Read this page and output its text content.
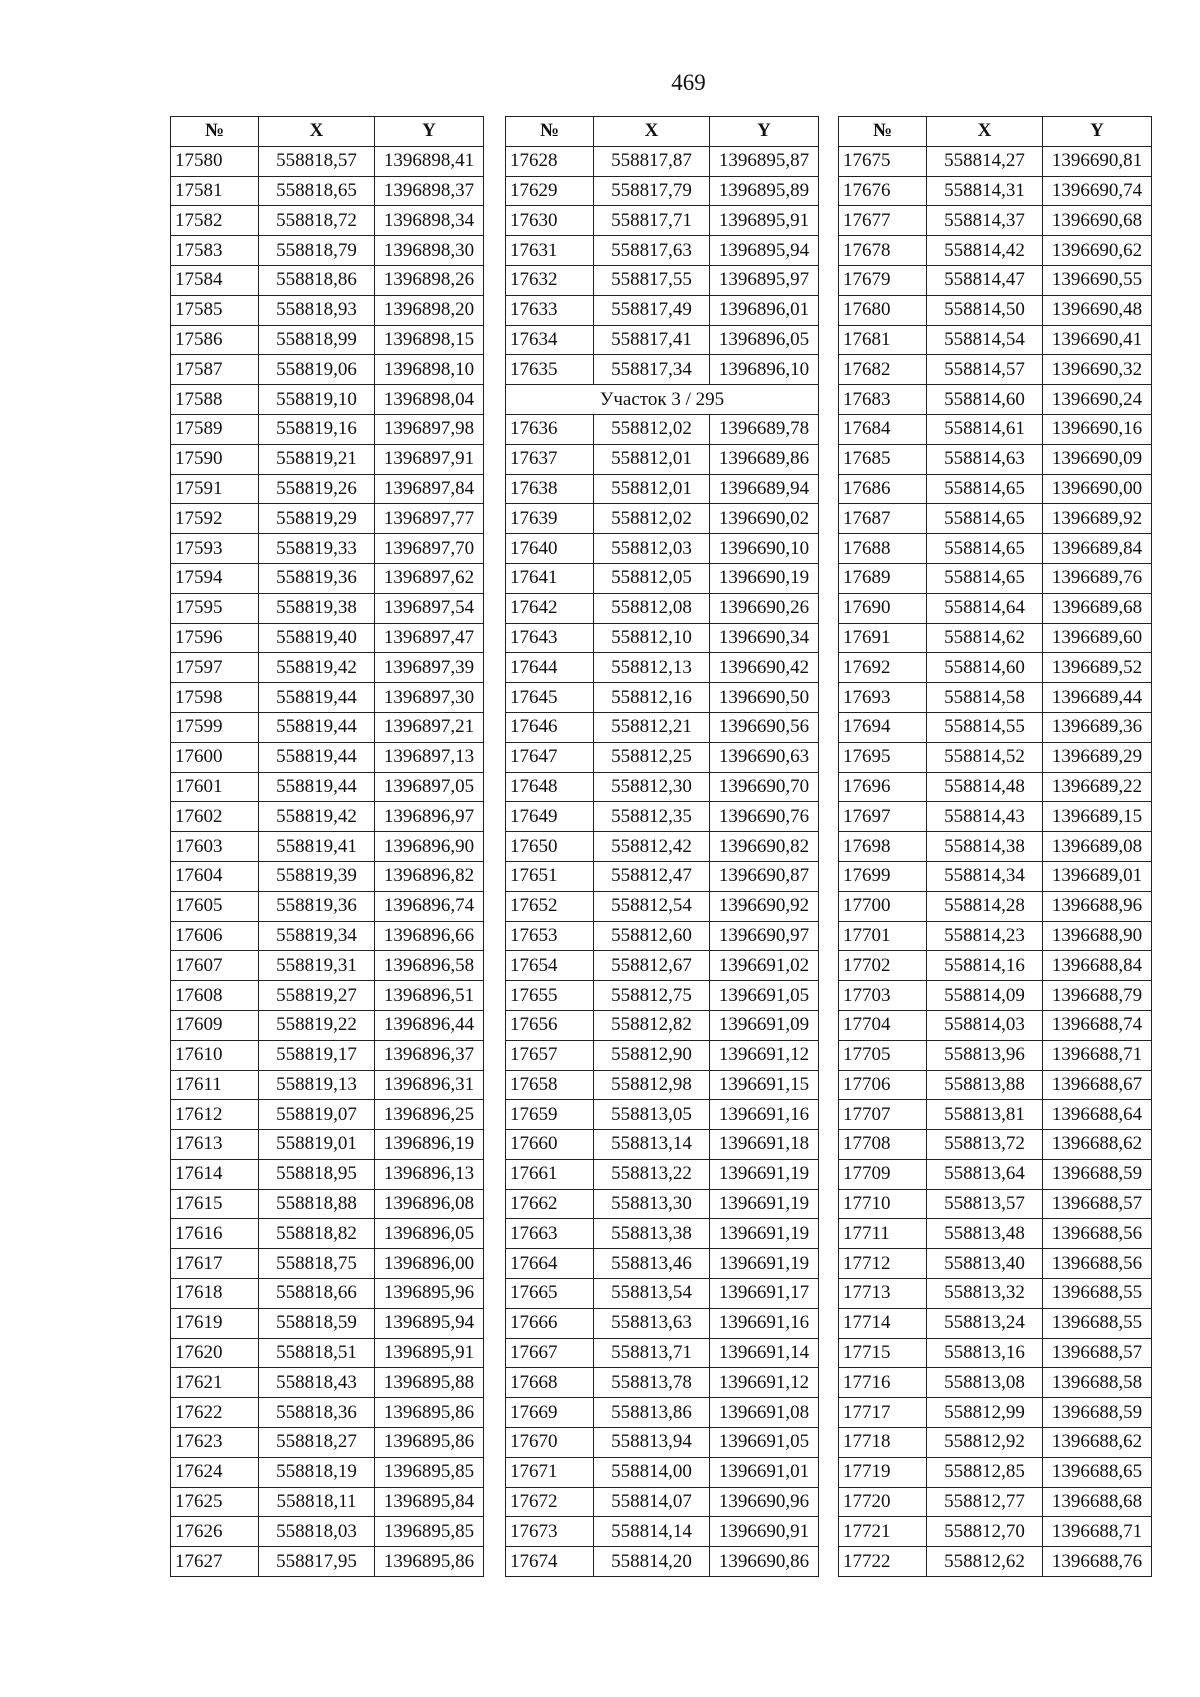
469
№	X	Y
17580	558818,57	1396898,41
17581	558818,65	1396898,37
17582	558818,72	1396898,34
17583	558818,79	1396898,30
17584	558818,86	1396898,26
17585	558818,93	1396898,20
17586	558818,99	1396898,15
17587	558819,06	1396898,10
17588	558819,10	1396898,04
17589	558819,16	1396897,98
17590	558819,21	1396897,91
17591	558819,26	1396897,84
17592	558819,29	1396897,77
17593	558819,33	1396897,70
17594	558819,36	1396897,62
17595	558819,38	1396897,54
17596	558819,40	1396897,47
17597	558819,42	1396897,39
17598	558819,44	1396897,30
17599	558819,44	1396897,21
17600	558819,44	1396897,13
17601	558819,44	1396897,05
17602	558819,42	1396896,97
17603	558819,41	1396896,90
17604	558819,39	1396896,82
17605	558819,36	1396896,74
17606	558819,34	1396896,66
17607	558819,31	1396896,58
17608	558819,27	1396896,51
17609	558819,22	1396896,44
17610	558819,17	1396896,37
17611	558819,13	1396896,31
17612	558819,07	1396896,25
17613	558819,01	1396896,19
17614	558818,95	1396896,13
17615	558818,88	1396896,08
17616	558818,82	1396896,05
17617	558818,75	1396896,00
17618	558818,66	1396895,96
17619	558818,59	1396895,94
17620	558818,51	1396895,91
17621	558818,43	1396895,88
17622	558818,36	1396895,86
17623	558818,27	1396895,86
17624	558818,19	1396895,85
17625	558818,11	1396895,84
17626	558818,03	1396895,85
17627	558817,95	1396895,86
№	X	Y
17628	558817,87	1396895,87
17629	558817,79	1396895,89
17630	558817,71	1396895,91
17631	558817,63	1396895,94
17632	558817,55	1396895,97
17633	558817,49	1396896,01
17634	558817,41	1396896,05
17635	558817,34	1396896,10
Участок 3 / 295		
17636	558812,02	1396689,78
17637	558812,01	1396689,86
17638	558812,01	1396689,94
17639	558812,02	1396690,02
17640	558812,03	1396690,10
17641	558812,05	1396690,19
17642	558812,08	1396690,26
17643	558812,10	1396690,34
17644	558812,13	1396690,42
17645	558812,16	1396690,50
17646	558812,21	1396690,56
17647	558812,25	1396690,63
17648	558812,30	1396690,70
17649	558812,35	1396690,76
17650	558812,42	1396690,82
17651	558812,47	1396690,87
17652	558812,54	1396690,92
17653	558812,60	1396690,97
17654	558812,67	1396691,02
17655	558812,75	1396691,05
17656	558812,82	1396691,09
17657	558812,90	1396691,12
17658	558812,98	1396691,15
17659	558813,05	1396691,16
17660	558813,14	1396691,18
17661	558813,22	1396691,19
17662	558813,30	1396691,19
17663	558813,38	1396691,19
17664	558813,46	1396691,19
17665	558813,54	1396691,17
17666	558813,63	1396691,16
17667	558813,71	1396691,14
17668	558813,78	1396691,12
17669	558813,86	1396691,08
17670	558813,94	1396691,05
17671	558814,00	1396691,01
17672	558814,07	1396690,96
17673	558814,14	1396690,91
17674	558814,20	1396690,86
№	X	Y
17675	558814,27	1396690,81
17676	558814,31	1396690,74
17677	558814,37	1396690,68
17678	558814,42	1396690,62
17679	558814,47	1396690,55
17680	558814,50	1396690,48
17681	558814,54	1396690,41
17682	558814,57	1396690,32
17683	558814,60	1396690,24
17684	558814,61	1396690,16
17685	558814,63	1396690,09
17686	558814,65	1396690,00
17687	558814,65	1396689,92
17688	558814,65	1396689,84
17689	558814,65	1396689,76
17690	558814,64	1396689,68
17691	558814,62	1396689,60
17692	558814,60	1396689,52
17693	558814,58	1396689,44
17694	558814,55	1396689,36
17695	558814,52	1396689,29
17696	558814,48	1396689,22
17697	558814,43	1396689,15
17698	558814,38	1396689,08
17699	558814,34	1396689,01
17700	558814,28	1396688,96
17701	558814,23	1396688,90
17702	558814,16	1396688,84
17703	558814,09	1396688,79
17704	558814,03	1396688,74
17705	558813,96	1396688,71
17706	558813,88	1396688,67
17707	558813,81	1396688,64
17708	558813,72	1396688,62
17709	558813,64	1396688,59
17710	558813,57	1396688,57
17711	558813,48	1396688,56
17712	558813,40	1396688,56
17713	558813,32	1396688,55
17714	558813,24	1396688,55
17715	558813,16	1396688,57
17716	558813,08	1396688,58
17717	558812,99	1396688,59
17718	558812,92	1396688,62
17719	558812,85	1396688,65
17720	558812,77	1396688,68
17721	558812,70	1396688,71
17722	558812,62	1396688,76
